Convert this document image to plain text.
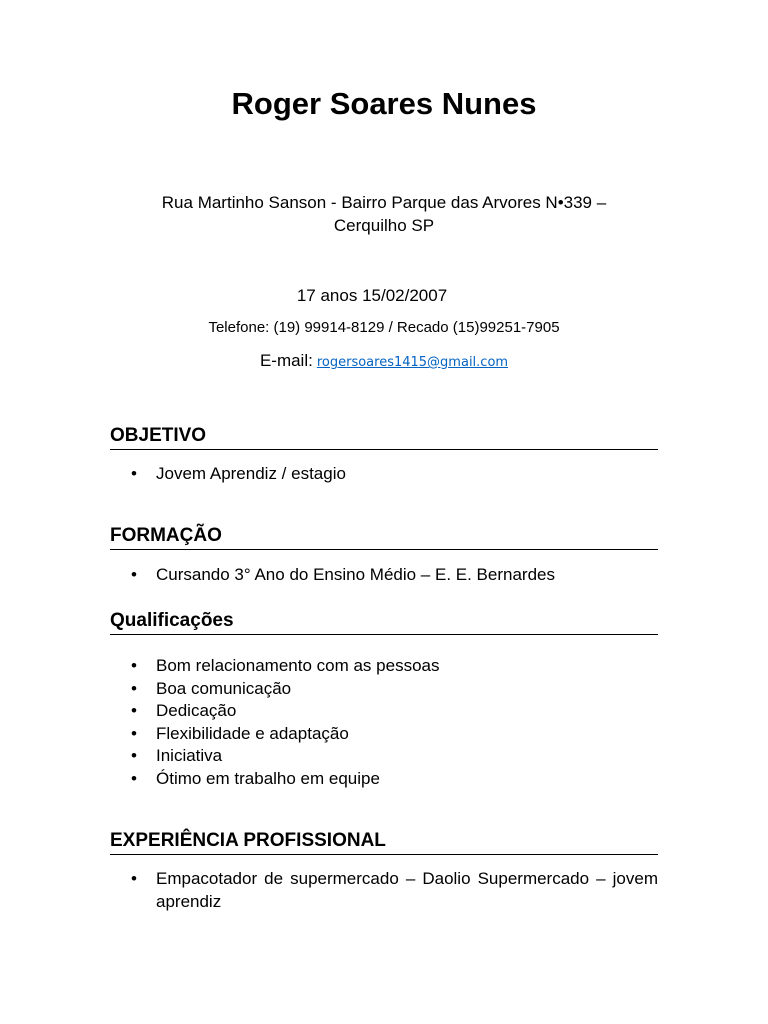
Roger Soares Nunes
Rua Martinho Sanson - Bairro Parque das Arvores N•339 – Cerquilho SP
17 anos 15/02/2007
Telefone: (19) 99914-8129 / Recado (15)99251-7905
E-mail: rogersoares1415@gmail.com
OBJETIVO
• Jovem Aprendiz / estagio
FORMAÇÃO
• Cursando 3° Ano do Ensino Médio – E. E. Bernardes
Qualificações
• Bom relacionamento com as pessoas
• Boa comunicação
• Dedicação
• Flexibilidade e adaptação
• Iniciativa
• Ótimo em trabalho em equipe
EXPERIÊNCIA PROFISSIONAL
• Empacotador de supermercado – Daolio Supermercado – jovem aprendiz
